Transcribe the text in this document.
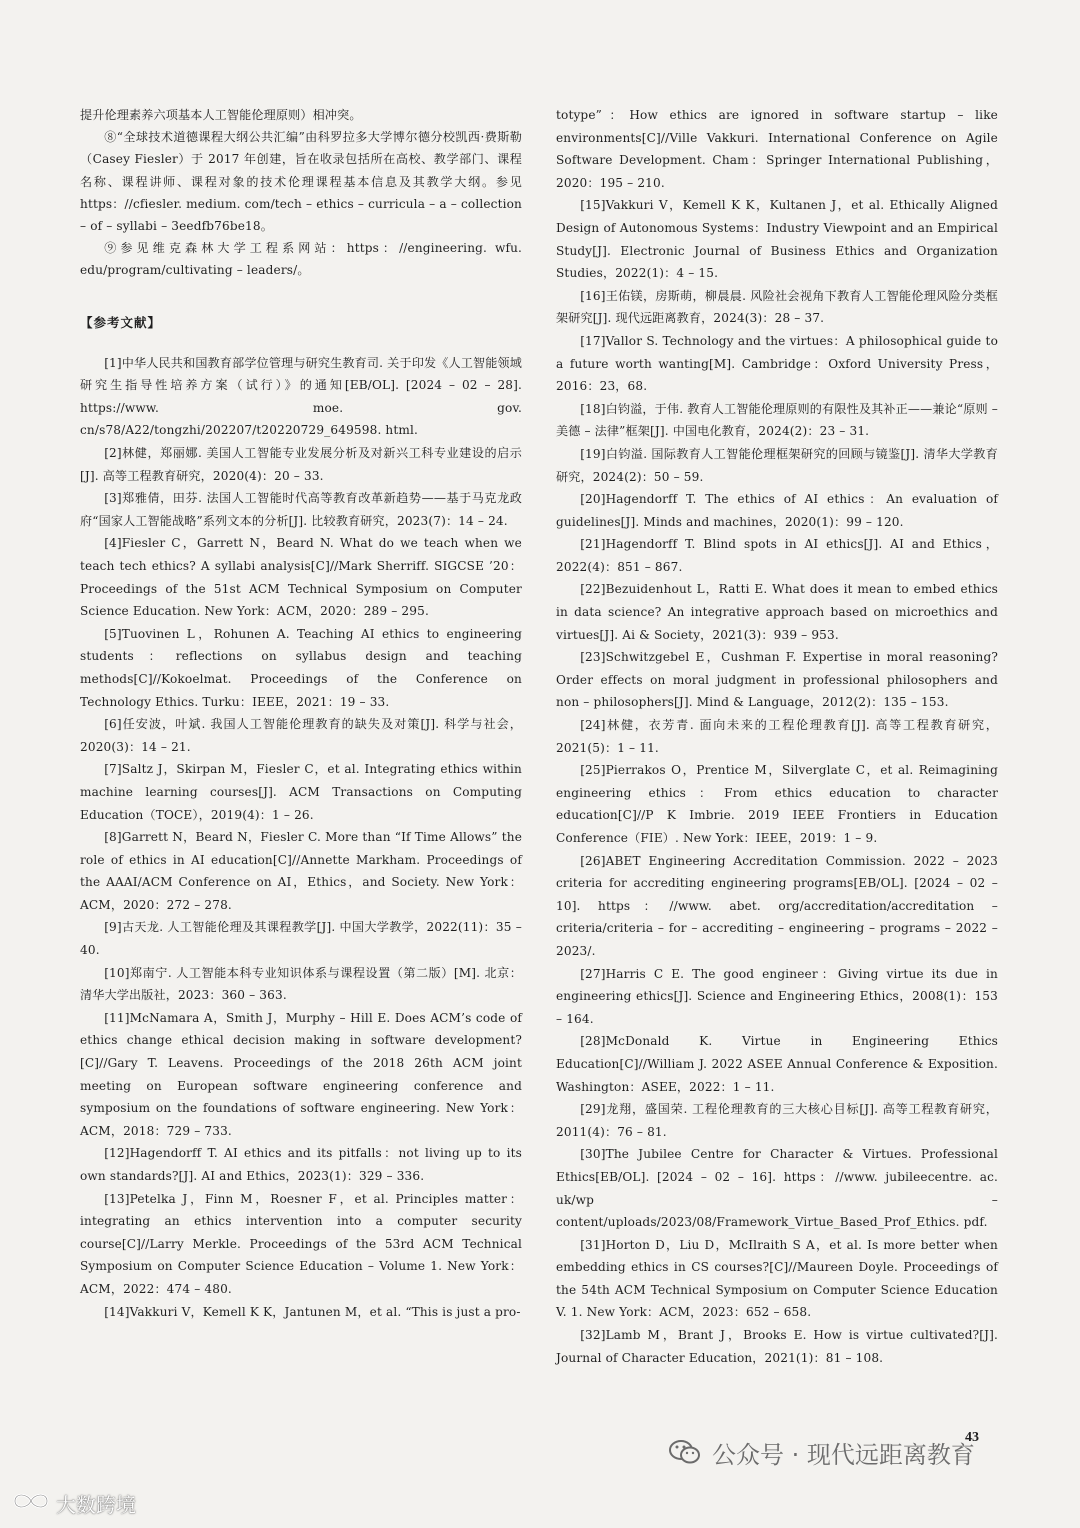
提升伦理素养六项基本人工智能伦理原则）相冲突。

⑧“全球技术道德课程大纲公共汇编”由科罗拉多大学博尔德分校凯西·费斯勒（Casey Fiesler）于 2017 年创建，旨在收录包括所在高校、教学部门、课程名称、课程讲师、课程对象的技术伦理课程基本信息及其教学大纲。参见 https：//cfiesler. medium. com/tech – ethics – curricula – a – collection – of – syllabi – 3eedfb76be18。

⑨参见维克森林大学工程系网站：https：//engineering. wfu. edu/program/cultivating – leaders/。

【参考文献】

[1]中华人民共和国教育部学位管理与研究生教育司. 关于印发《人工智能领域研究生指导性培养方案（试行）》的通知[EB/OL]. [2024 – 02 – 28]. https://www. moe. gov. cn/s78/A22/tongzhi/202207/t20220729_649598. html.

[2]林健，郑丽娜. 美国人工智能专业发展分析及对新兴工科专业建设的启示[J]. 高等工程教育研究，2020(4)：20 – 33.

[3]郑雅倩，田芬. 法国人工智能时代高等教育改革新趋势——基于马克龙政府“国家人工智能战略”系列文本的分析[J]. 比较教育研究，2023(7)：14 – 24.

[4]Fiesler C，Garrett N，Beard N. What do we teach when we teach tech ethics? A syllabi analysis[C]//Mark Sherriff. SIGCSE ’20：Proceedings of the 51st ACM Technical Symposium on Computer Science Education. New York：ACM，2020：289 – 295.

[5]Tuovinen L，Rohunen A. Teaching AI ethics to engineering students：reflections on syllabus design and teaching methods[C]//Kokoelmat. Proceedings of the Conference on Technology Ethics. Turku：IEEE，2021：19 – 33.

[6]任安波，叶斌. 我国人工智能伦理教育的缺失及对策[J]. 科学与社会，2020(3)：14 – 21.

[7]Saltz J，Skirpan M，Fiesler C，et al. Integrating ethics within machine learning courses[J]. ACM Transactions on Computing Education（TOCE），2019(4)：1 – 26.

[8]Garrett N，Beard N，Fiesler C. More than “If Time Allows” the role of ethics in AI education[C]//Annette Markham. Proceedings of the AAAI/ACM Conference on AI，Ethics，and Society. New York：ACM，2020：272 – 278.

[9]古天龙. 人工智能伦理及其课程教学[J]. 中国大学教学，2022(11)：35 – 40.

[10]郑南宁. 人工智能本科专业知识体系与课程设置（第二版）[M]. 北京：清华大学出版社，2023：360 – 363.

[11]McNamara A，Smith J，Murphy – Hill E. Does ACM’s code of ethics change ethical decision making in software development?[C]//Gary T. Leavens. Proceedings of the 2018 26th ACM joint meeting on European software engineering conference and symposium on the foundations of software engineering. New York：ACM，2018：729 – 733.

[12]Hagendorff T. AI ethics and its pitfalls：not living up to its own standards?[J]. AI and Ethics，2023(1)：329 – 336.

[13]Petelka J，Finn M，Roesner F，et al. Principles matter：integrating an ethics intervention into a computer security course[C]//Larry Merkle. Proceedings of the 53rd ACM Technical Symposium on Computer Science Education – Volume 1. New York：ACM，2022：474 – 480.

[14]Vakkuri V，Kemell K K，Jantunen M，et al. “This is just a pro-

totype”：How ethics are ignored in software startup – like environments[C]//Ville Vakkuri. International Conference on Agile Software Development. Cham：Springer International Publishing，2020：195 – 210.

[15]Vakkuri V，Kemell K K，Kultanen J，et al. Ethically Aligned Design of Autonomous Systems：Industry Viewpoint and an Empirical Study[J]. Electronic Journal of Business Ethics and Organization Studies，2022(1)：4 – 15.

[16]王佑镁，房斯萌，柳晨晨. 风险社会视角下教育人工智能伦理风险分类框架研究[J]. 现代远距离教育，2024(3)：28 – 37.

[17]Vallor S. Technology and the virtues：A philosophical guide to a future worth wanting[M]. Cambridge：Oxford University Press，2016：23，68.

[18]白钧溢，于伟. 教育人工智能伦理原则的有限性及其补正——兼论“原则 – 美德 – 法律”框架[J]. 中国电化教育，2024(2)：23 – 31.

[19]白钧溢. 国际教育人工智能伦理框架研究的回顾与镜鉴[J]. 清华大学教育研究，2024(2)：50 – 59.

[20]Hagendorff T. The ethics of AI ethics：An evaluation of guidelines[J]. Minds and machines，2020(1)：99 – 120.

[21]Hagendorff T. Blind spots in AI ethics[J]. AI and Ethics，2022(4)：851 – 867.

[22]Bezuidenhout L，Ratti E. What does it mean to embed ethics in data science? An integrative approach based on microethics and virtues[J]. Ai & Society，2021(3)：939 – 953.

[23]Schwitzgebel E，Cushman F. Expertise in moral reasoning? Order effects on moral judgment in professional philosophers and non – philosophers[J]. Mind & Language，2012(2)：135 – 153.

[24]林健，衣芳青. 面向未来的工程伦理教育[J]. 高等工程教育研究，2021(5)：1 – 11.

[25]Pierrakos O，Prentice M，Silverglate C，et al. Reimagining engineering ethics：From ethics education to character education[C]//P K Imbrie. 2019 IEEE Frontiers in Education Conference（FIE）. New York：IEEE，2019：1 – 9.

[26]ABET Engineering Accreditation Commission. 2022 – 2023 criteria for accrediting engineering programs[EB/OL]. [2024 – 02 – 10]. https：//www. abet. org/accreditation/accreditation – criteria/criteria – for – accrediting – engineering – programs – 2022 – 2023/.

[27]Harris C E. The good engineer：Giving virtue its due in engineering ethics[J]. Science and Engineering Ethics，2008(1)：153 – 164.

[28]McDonald K. Virtue in Engineering Ethics Education[C]//William J. 2022 ASEE Annual Conference & Exposition. Washington：ASEE，2022：1 – 11.

[29]龙翔，盛国荣. 工程伦理教育的三大核心目标[J]. 高等工程教育研究，2011(4)：76 – 81.

[30]The Jubilee Centre for Character & Virtues. Professional Ethics[EB/OL]. [2024 – 02 – 16]. https：//www. jubileecentre. ac. uk/wp – content/uploads/2023/08/Framework_Virtue_Based_Prof_Ethics. pdf.

[31]Horton D，Liu D，McIlraith S A，et al. Is more better when embedding ethics in CS courses?[C]//Maureen Doyle. Proceedings of the 54th ACM Technical Symposium on Computer Science Education V. 1. New York：ACM，2023：652 – 658.

[32]Lamb M，Brant J，Brooks E. How is virtue cultivated?[J]. Journal of Character Education，2021(1)：81 – 108.

43
公众号 · 现代远距离教育
大数跨境
